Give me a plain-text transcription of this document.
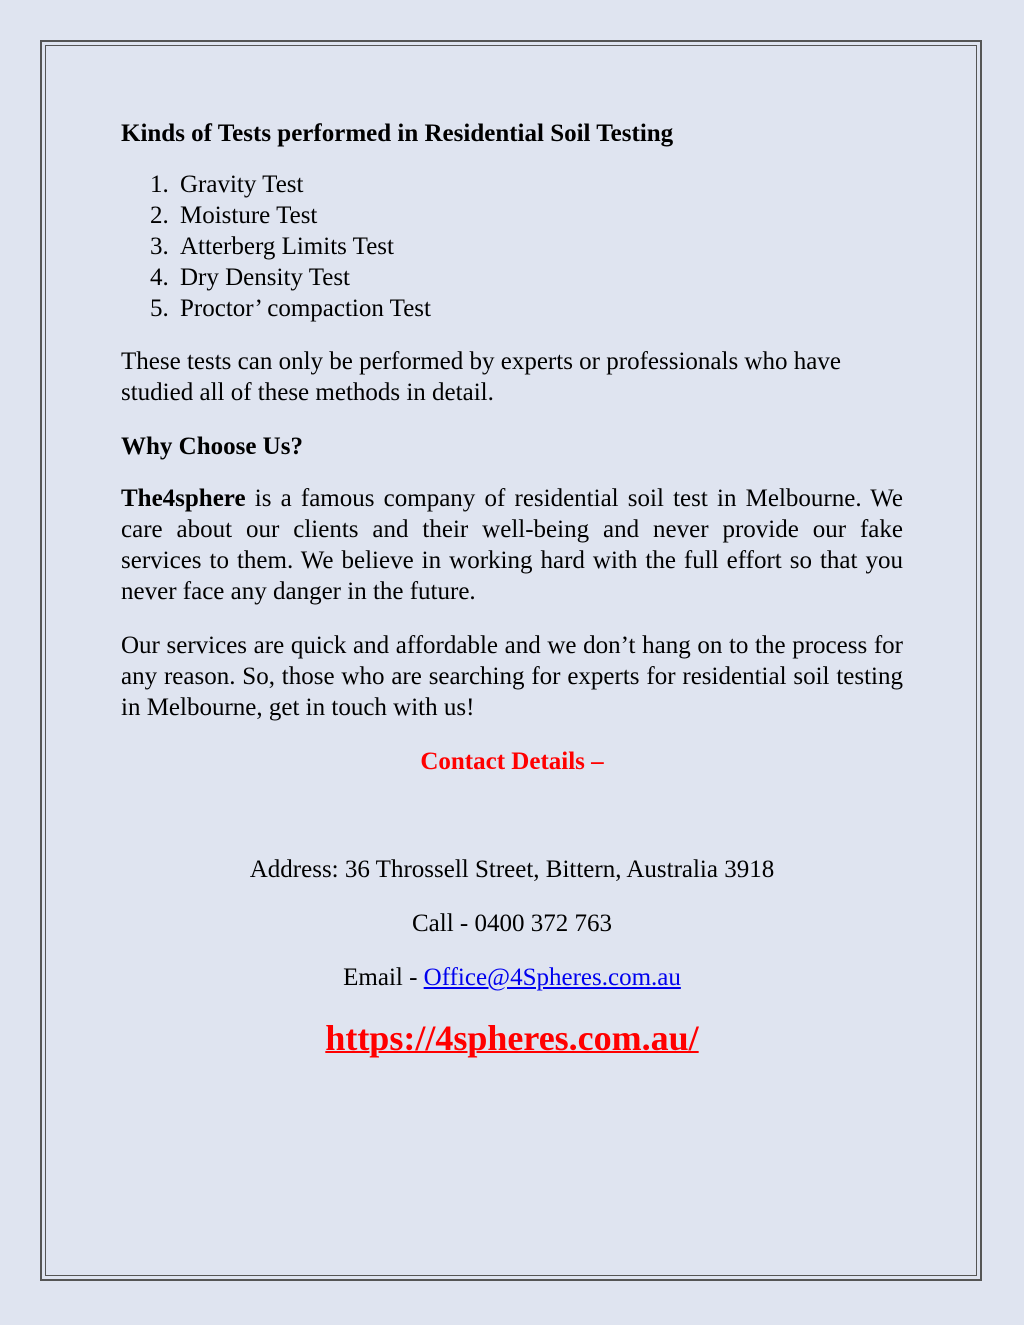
Kinds of Tests performed in Residential Soil Testing
1. Gravity Test
2. Moisture Test
3. Atterberg Limits Test
4. Dry Density Test
5. Proctor’ compaction Test

These tests can only be performed by experts or professionals who have studied all of these methods in detail.

Why Choose Us?

The4sphere is a famous company of residential soil test in Melbourne. We care about our clients and their well-being and never provide our fake services to them. We believe in working hard with the full effort so that you never face any danger in the future.

Our services are quick and affordable and we don’t hang on to the process for any reason. So, those who are searching for experts for residential soil testing in Melbourne, get in touch with us!

Contact Details –

Address: 36 Throssell Street, Bittern, Australia 3918

Call - 0400 372 763

Email - Office@4Spheres.com.au

https://4spheres.com.au/
